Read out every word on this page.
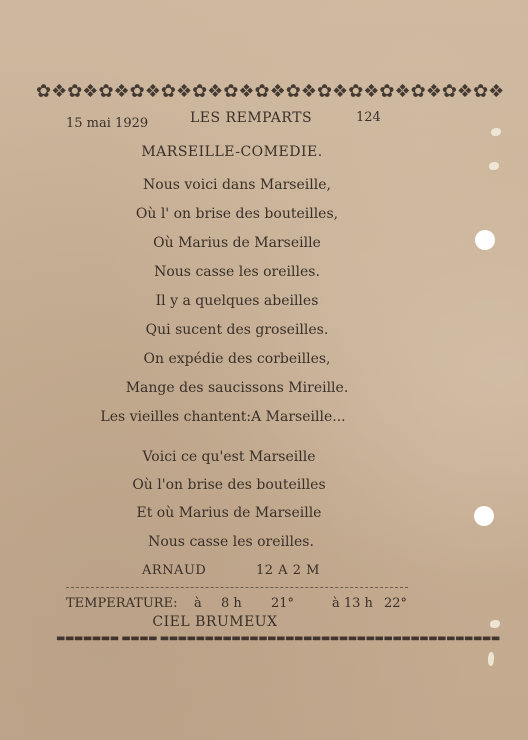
✿❖✿❖✿❖✿❖✿❖✿❖✿❖✿❖✿❖✿❖✿❖✿❖✿❖✿❖✿❖
15 mai 1929	LES REMPARTS	124
MARSEILLE-COMEDIE.
Nous voici dans Marseille,
Où l' on brise des bouteilles,
Où Marius de Marseille
Nous casse les oreilles.
Il y a quelques abeilles
Qui sucent des groseilles.
On expédie des corbeilles,
Mange des saucissons Mireille.
Les vieilles chantent:A Marseille...
Voici ce qu'est Marseille
Où l'on brise des bouteilles
Et où Marius de Marseille
Nous casse les oreilles.
ARNAUD	12 A 2 M
TEMPERATURE: à 8 h 21°	à 13 h 22°
CIEL BRUMEUX
▬▬▬▬▬▬▬ ▬▬▬▬ ▬▬▬▬▬▬▬▬▬▬▬▬▬▬▬▬▬▬▬▬▬▬▬▬▬▬▬▬▬▬▬▬▬▬▬▬▬▬
